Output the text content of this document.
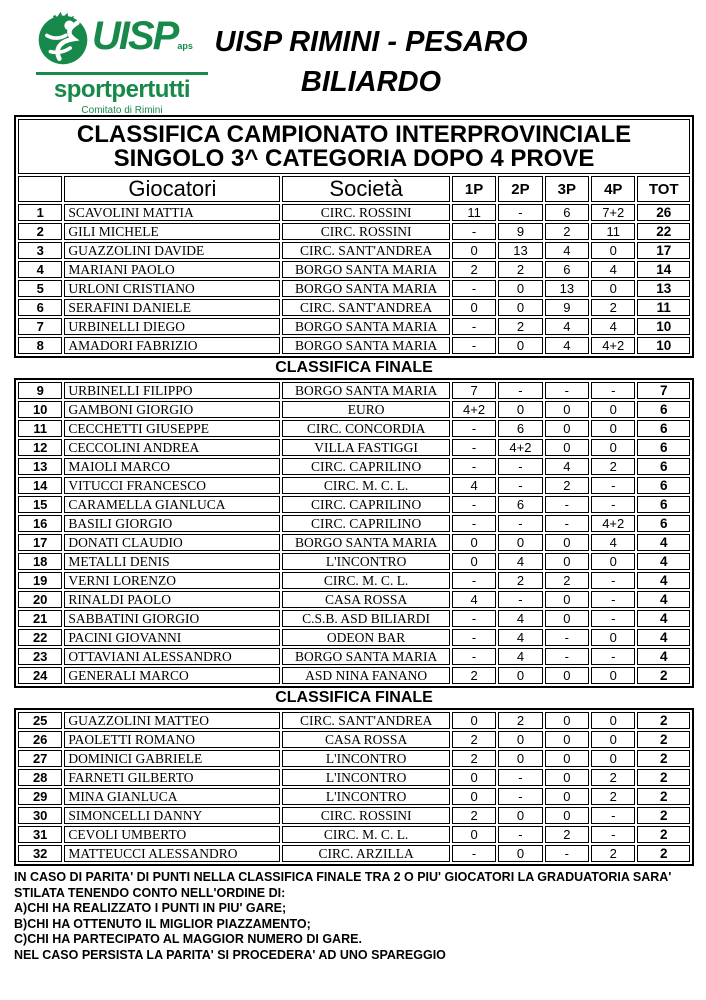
UISPaps
sportpertutti
Comitato di Rimini
UISP RIMINI - PESARO
BILIARDO
CLASSIFICA CAMPIONATO INTERPROVINCIALE
SINGOLO 3^ CATEGORIA DOPO 4 PROVE							

	Giocatori	Società	1P	2P	3P	4P	TOT
1	SCAVOLINI MATTIA	CIRC. ROSSINI	11	-	6	7+2	26
2	GILI MICHELE	CIRC. ROSSINI	-	9	2	11	22
3	GUAZZOLINI DAVIDE	CIRC. SANT'ANDREA	0	13	4	0	17
4	MARIANI PAOLO	BORGO SANTA MARIA	2	2	6	4	14
5	URLONI CRISTIANO	BORGO SANTA MARIA	-	0	13	0	13
6	SERAFINI DANIELE	CIRC. SANT'ANDREA	0	0	9	2	11
7	URBINELLI DIEGO	BORGO SANTA MARIA	-	2	4	4	10
8	AMADORI FABRIZIO	BORGO SANTA MARIA	-	0	4	4+2	10
CLASSIFICA FINALE
9	URBINELLI FILIPPO	BORGO SANTA MARIA	7	-	-	-	7
10	GAMBONI GIORGIO	EURO	4+2	0	0	0	6
11	CECCHETTI GIUSEPPE	CIRC. CONCORDIA	-	6	0	0	6
12	CECCOLINI ANDREA	VILLA FASTIGGI	-	4+2	0	0	6
13	MAIOLI MARCO	CIRC. CAPRILINO	-	-	4	2	6
14	VITUCCI FRANCESCO	CIRC. M. C. L.	4	-	2	-	6
15	CARAMELLA GIANLUCA	CIRC. CAPRILINO	-	6	-	-	6
16	BASILI GIORGIO	CIRC. CAPRILINO	-	-	-	4+2	6
17	DONATI CLAUDIO	BORGO SANTA MARIA	0	0	0	4	4
18	METALLI DENIS	L'INCONTRO	0	4	0	0	4
19	VERNI LORENZO	CIRC. M. C. L.	-	2	2	-	4
20	RINALDI PAOLO	CASA ROSSA	4	-	0	-	4
21	SABBATINI GIORGIO	C.S.B. ASD BILIARDI	-	4	0	-	4
22	PACINI GIOVANNI	ODEON BAR	-	4	-	0	4
23	OTTAVIANI ALESSANDRO	BORGO SANTA MARIA	-	4	-	-	4
24	GENERALI MARCO	ASD NINA FANANO	2	0	0	0	2
CLASSIFICA FINALE
25	GUAZZOLINI MATTEO	CIRC. SANT'ANDREA	0	2	0	0	2
26	PAOLETTI ROMANO	CASA ROSSA	2	0	0	0	2
27	DOMINICI GABRIELE	L'INCONTRO	2	0	0	0	2
28	FARNETI GILBERTO	L'INCONTRO	0	-	0	2	2
29	MINA GIANLUCA	L'INCONTRO	0	-	0	2	2
30	SIMONCELLI DANNY	CIRC. ROSSINI	2	0	0	-	2
31	CEVOLI UMBERTO	CIRC. M. C. L.	0	-	2	-	2
32	MATTEUCCI ALESSANDRO	CIRC. ARZILLA	-	0	-	2	2
IN CASO DI PARITA' DI PUNTI NELLA CLASSIFICA FINALE TRA 2 O PIU' GIOCATORI LA GRADUATORIA SARA'
STILATA TENENDO CONTO NELL'ORDINE DI:
A)CHI HA REALIZZATO I PUNTI IN PIU' GARE;
B)CHI HA OTTENUTO IL MIGLIOR PIAZZAMENTO;
C)CHI HA PARTECIPATO AL MAGGIOR NUMERO DI GARE.
NEL CASO PERSISTA LA PARITA' SI PROCEDERA' AD UNO SPAREGGIO
